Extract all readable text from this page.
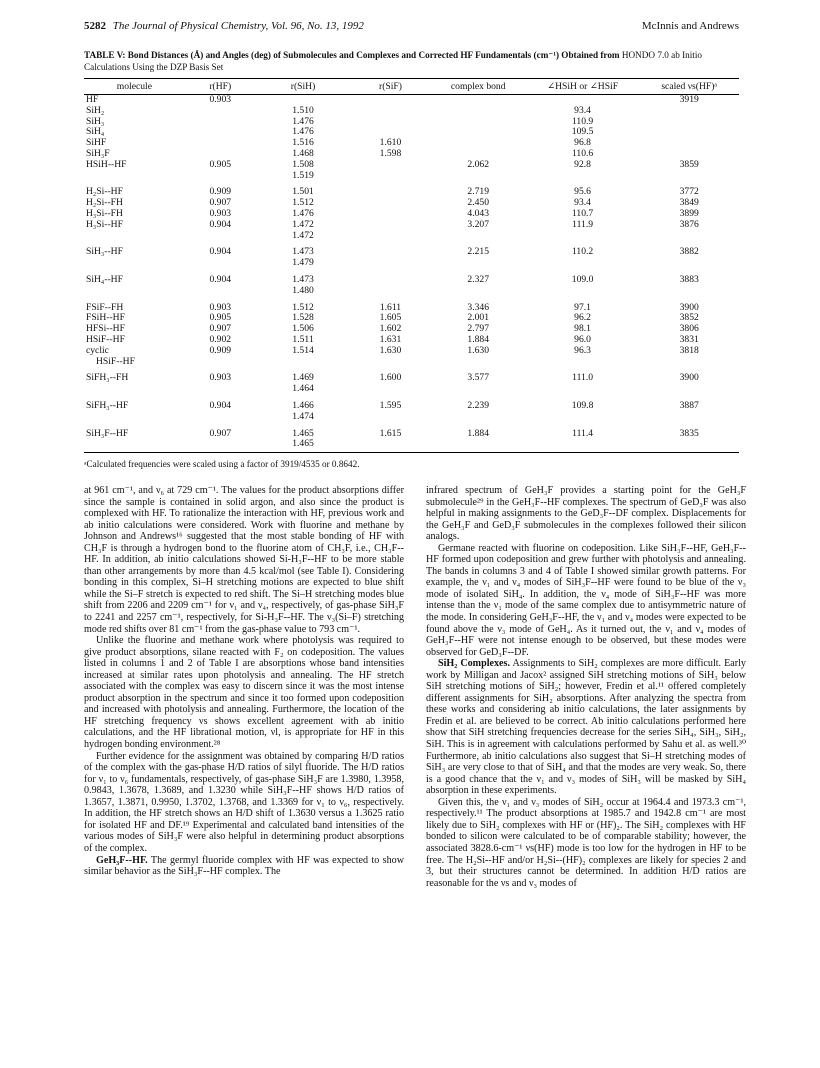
5282 The Journal of Physical Chemistry, Vol. 96, No. 13, 1992	McInnis and Andrews
TABLE V: Bond Distances (Å) and Angles (deg) of Submolecules and Complexes and Corrected HF Fundamentals (cm⁻¹) Obtained from HONDO 7.0 ab Initio Calculations Using the DZP Basis Set
molecule	r(HF)	r(SiH)	r(SiF)	complex bond	∠HSiH or ∠HSiF	scaled νs(HF)ᵃ
HF	0.903					3919
SiH₂		1.510			93.4	
SiH₃		1.476			110.9	
SiH₄		1.476			109.5	
SiHF		1.516	1.610		96.8	
SiH₃F		1.468	1.598		110.6	
HSiH--HF	0.905	1.508		2.062	92.8	3859
		1.519				

H₂Si--HF	0.909	1.501		2.719	95.6	3772
H₂Si--FH	0.907	1.512		2.450	93.4	3849
H₃Si--FH	0.903	1.476		4.043	110.7	3899
H₃Si--HF	0.904	1.472		3.207	111.9	3876
		1.472				

SiH₃--HF	0.904	1.473		2.215	110.2	3882
		1.479				

SiH₄--HF	0.904	1.473		2.327	109.0	3883
		1.480				

FSiF--FH	0.903	1.512	1.611	3.346	97.1	3900
FSiH--HF	0.905	1.528	1.605	2.001	96.2	3852
HFSi--HF	0.907	1.506	1.602	2.797	98.1	3806
HSiF--HF	0.902	1.511	1.631	1.884	96.0	3831
cyclic	0.909	1.514	1.630	1.630	96.3	3818
HSiF--HF						

SiFH₃--FH	0.903	1.469	1.600	3.577	111.0	3900
		1.464				

SiFH₃--HF	0.904	1.466	1.595	2.239	109.8	3887
		1.474				

SiH₃F--HF	0.907	1.465	1.615	1.884	111.4	3835
		1.465				
ᵃCalculated frequencies were scaled using a factor of 3919/4535 or 0.8642.

at 961 cm⁻¹, and ν₆ at 729 cm⁻¹. The values for the product absorptions differ since the sample is contained in solid argon, and also since the product is complexed with HF. To rationalize the interaction with HF, previous work and ab initio calculations were considered. Work with fluorine and methane by Johnson and Andrews¹⁶ suggested that the most stable bonding of HF with CH₃F is through a hydrogen bond to the fluorine atom of CH₃F, i.e., CH₃F--HF. In addition, ab initio calculations showed Si-H₃F--HF to be more stable than other arrangements by more than 4.5 kcal/mol (see Table I). Considering bonding in this complex, Si–H stretching motions are expected to blue shift while the Si–F stretch is expected to red shift. The Si–H stretching modes blue shift from 2206 and 2209 cm⁻¹ for ν₁ and ν₄, respectively, of gas-phase SiH₃F to 2241 and 2257 cm⁻¹, respectively, for Si-H₃F--HF. The ν₃(Si–F) stretching mode red shifts over 81 cm⁻¹ from the gas-phase value to 793 cm⁻¹.

Unlike the fluorine and methane work where photolysis was required to give product absorptions, silane reacted with F₂ on codeposition. The values listed in columns 1 and 2 of Table I are absorptions whose band intensities increased at similar rates upon photolysis and annealing. The HF stretch associated with the complex was easy to discern since it was the most intense product absorption in the spectrum and since it too formed upon codeposition and increased with photolysis and annealing. Furthermore, the location of the HF stretching frequency νs shows excellent agreement with ab initio calculations, and the HF librational motion, νl, is appropriate for HF in this hydrogen bonding environment.²⁸

Further evidence for the assignment was obtained by comparing H/D ratios of the complex with the gas-phase H/D ratios of silyl fluoride. The H/D ratios for ν₁ to ν₆ fundamentals, respectively, of gas-phase SiH₃F are 1.3980, 1.3958, 0.9843, 1.3678, 1.3689, and 1.3230 while SiH₃F--HF shows H/D ratios of 1.3657, 1.3871, 0.9950, 1.3702, 1.3768, and 1.3369 for ν₁ to ν₆, respectively. In addition, the HF stretch shows an H/D shift of 1.3630 versus a 1.3625 ratio for isolated HF and DF.¹⁹ Experimental and calculated band intensities of the various modes of SiH₃F were also helpful in determining product absorptions of the complex.

GeH₃F--HF. The germyl fluoride complex with HF was expected to show similar behavior as the SiH₃F--HF complex. The

infrared spectrum of GeH₃F provides a starting point for the GeH₃F submolecule²⁹ in the GeH₃F--HF complexes. The spectrum of GeD₃F was also helpful in making assignments to the GeD₃F--DF complex. Displacements for the GeH₃F and GeD₃F submolecules in the complexes followed their silicon analogs.

Germane reacted with fluorine on codeposition. Like SiH₃F--HF, GeH₃F--HF formed upon codeposition and grew further with photolysis and annealing. The bands in columns 3 and 4 of Table I showed similar growth patterns. For example, the ν₁ and ν₄ modes of SiH₃F--HF were found to be blue of the ν₃ mode of isolated SiH₄. In addition, the ν₄ mode of SiH₃F--HF was more intense than the ν₁ mode of the same complex due to antisymmetric nature of the mode. In considering GeH₃F--HF, the ν₁ and ν₄ modes were expected to be found above the ν₃ mode of GeH₄. As it turned out, the ν₁ and ν₄ modes of GeH₃F--HF were not intense enough to be observed, but these modes were observed for GeD₃F--DF.

SiH₂ Complexes. Assignments to SiH₂ complexes are more difficult. Early work by Milligan and Jacox² assigned SiH stretching motions of SiH₃ below SiH stretching motions of SiH₂; however, Fredin et al.¹¹ offered completely different assignments for SiH₂ absorptions. After analyzing the spectra from these works and considering ab initio calculations, the later assignments by Fredin et al. are believed to be correct. Ab initio calculations performed here show that SiH stretching frequencies decrease for the series SiH₄, SiH₃, SiH₂, SiH. This is in agreement with calculations performed by Sahu et al. as well.³⁰ Furthermore, ab initio calculations also suggest that Si–H stretching modes of SiH₃ are very close to that of SiH₄ and that the modes are very weak. So, there is a good chance that the ν₁ and ν₃ modes of SiH₃ will be masked by SiH₄ absorption in these experiments.

Given this, the ν₁ and ν₃ modes of SiH₂ occur at 1964.4 and 1973.3 cm⁻¹, respectively.¹¹ The product absorptions at 1985.7 and 1942.8 cm⁻¹ are most likely due to SiH₂ complexes with HF or (HF)₂. The SiH₂ complexes with HF bonded to silicon were calculated to be of comparable stability; however, the associated 3828.6-cm⁻¹ νs(HF) mode is too low for the hydrogen in HF to be free. The H₂Si--HF and/or H₂Si--(HF)₂ complexes are likely for species 2 and 3, but their structures cannot be determined. In addition H/D ratios are reasonable for the νs and ν₃ modes of
